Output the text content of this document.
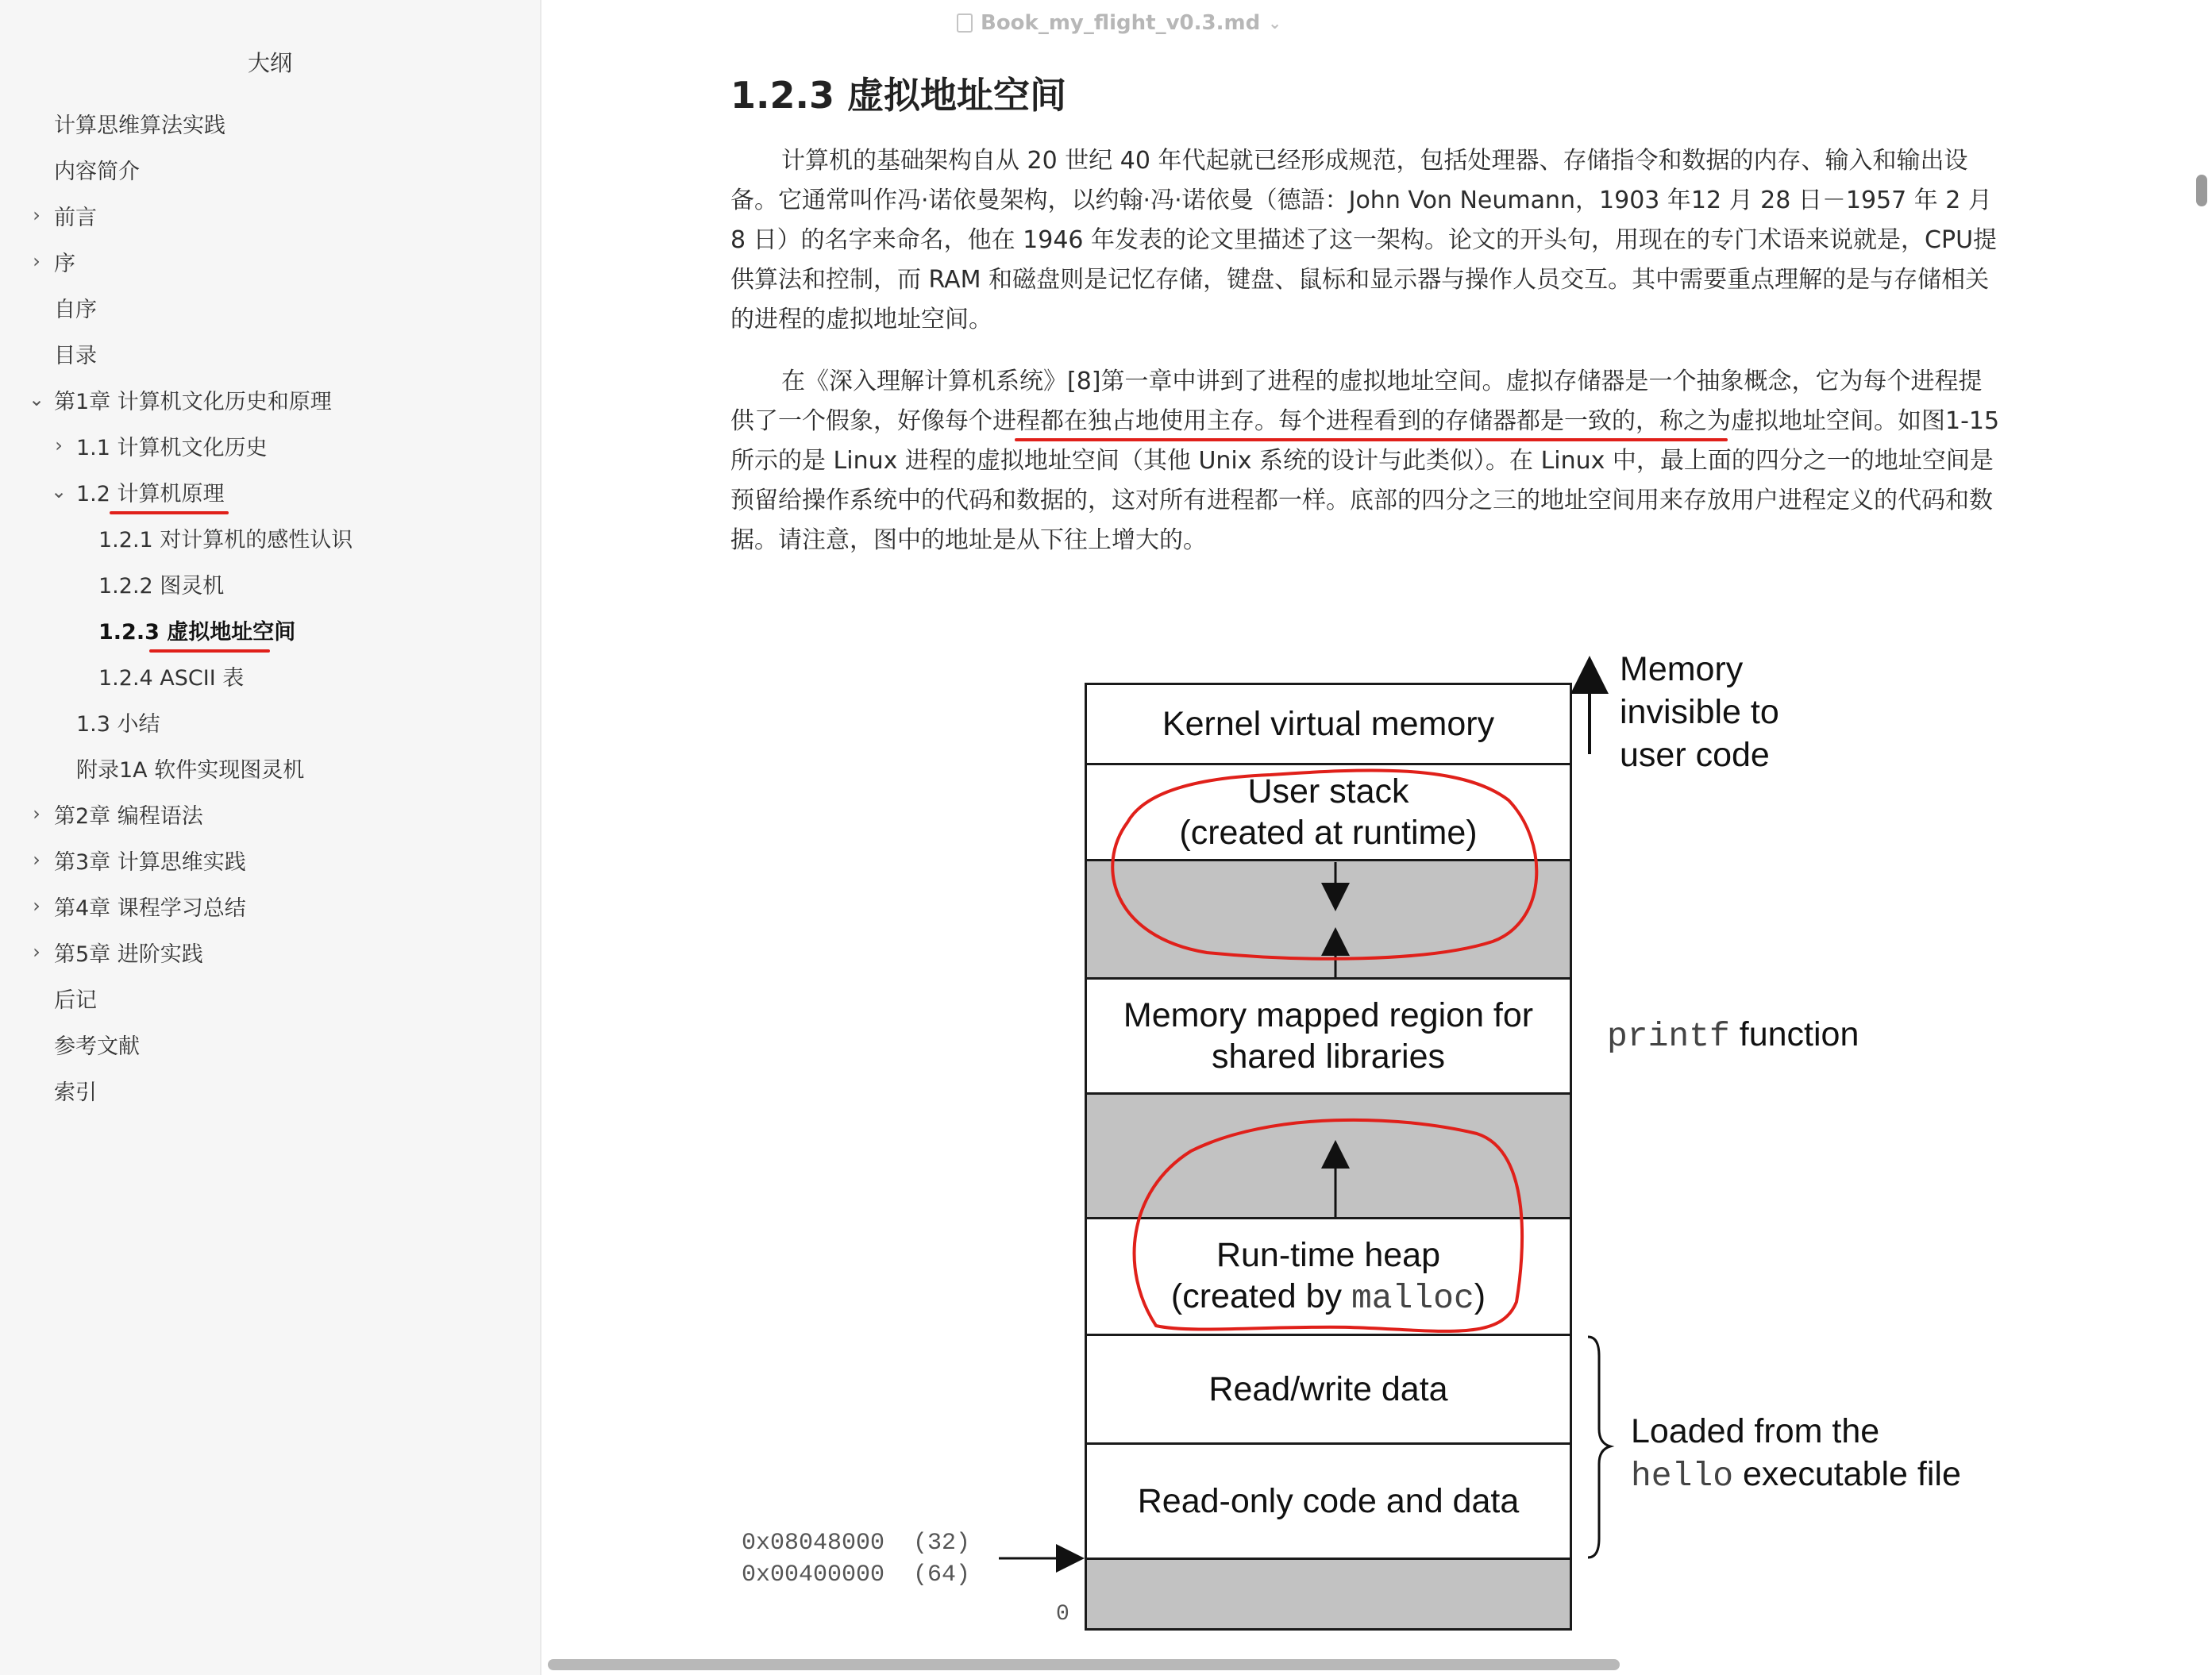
Book_my_flight_v0.3.md ⌄
大纲
计算思维算法实践
内容简介
› 前言
› 序
自序
目录
⌄ 第1章 计算机文化历史和原理
› 1.1 计算机文化历史
⌄ 1.2 计算机原理
1.2.1 对计算机的感性认识
1.2.2 图灵机
1.2.3 虚拟地址空间
1.2.4 ASCII 表
1.3 小结
附录1A 软件实现图灵机
› 第2章 编程语法
› 第3章 计算思维实践
› 第4章 课程学习总结
› 第5章 进阶实践
后记
参考文献
索引
1.2.3 虚拟地址空间

计算机的基础架构自从 20 世纪 40 年代起就已经形成规范，包括处理器、存储指令和数据的内存、输入和输出设备。它通常叫作冯·诺依曼架构，以约翰·冯·诺依曼（德語：John Von Neumann，1903 年12 月 28 日－1957 年 2 月 8 日）的名字来命名，他在 1946 年发表的论文里描述了这一架构。论文的开头句，用现在的专门术语来说就是，CPU提 供算法和控制，而 RAM 和磁盘则是记忆存储，键盘、鼠标和显示器与操作人员交互。其中需要重点理解的是与存储相关的进程的虚拟地址空间。

在《深入理解计算机系统》[8]第一章中讲到了进程的虚拟地址空间。虚拟存储器是一个抽象概念，它为每个进程提供了一个假象，好像每个进程都在独占地使用主存。每个进程看到的存储器都是一致的，称之为虚拟地址空间。如图1-15所示的是 Linux 进程的虚拟地址空间（其他 Unix 系统的设计与此类似）。在 Linux 中，最上面的四分之一的地址空间是预留给操作系统中的代码和数据的，这对所有进程都一样。底部的四分之三的地址空间用来存放用户进程定义的代码和数据。请注意，图中的地址是从下往上增大的。

Kernel virtual memory
User stack
(created at runtime)
Memory mapped region for
shared libraries
Run-time heap
(created by malloc)
Read/write data
Read-only code and data
Memory
invisible to
user code
printf function
Loaded from the
hello executable file
0x08048000  (32)
0x00400000  (64)
0
